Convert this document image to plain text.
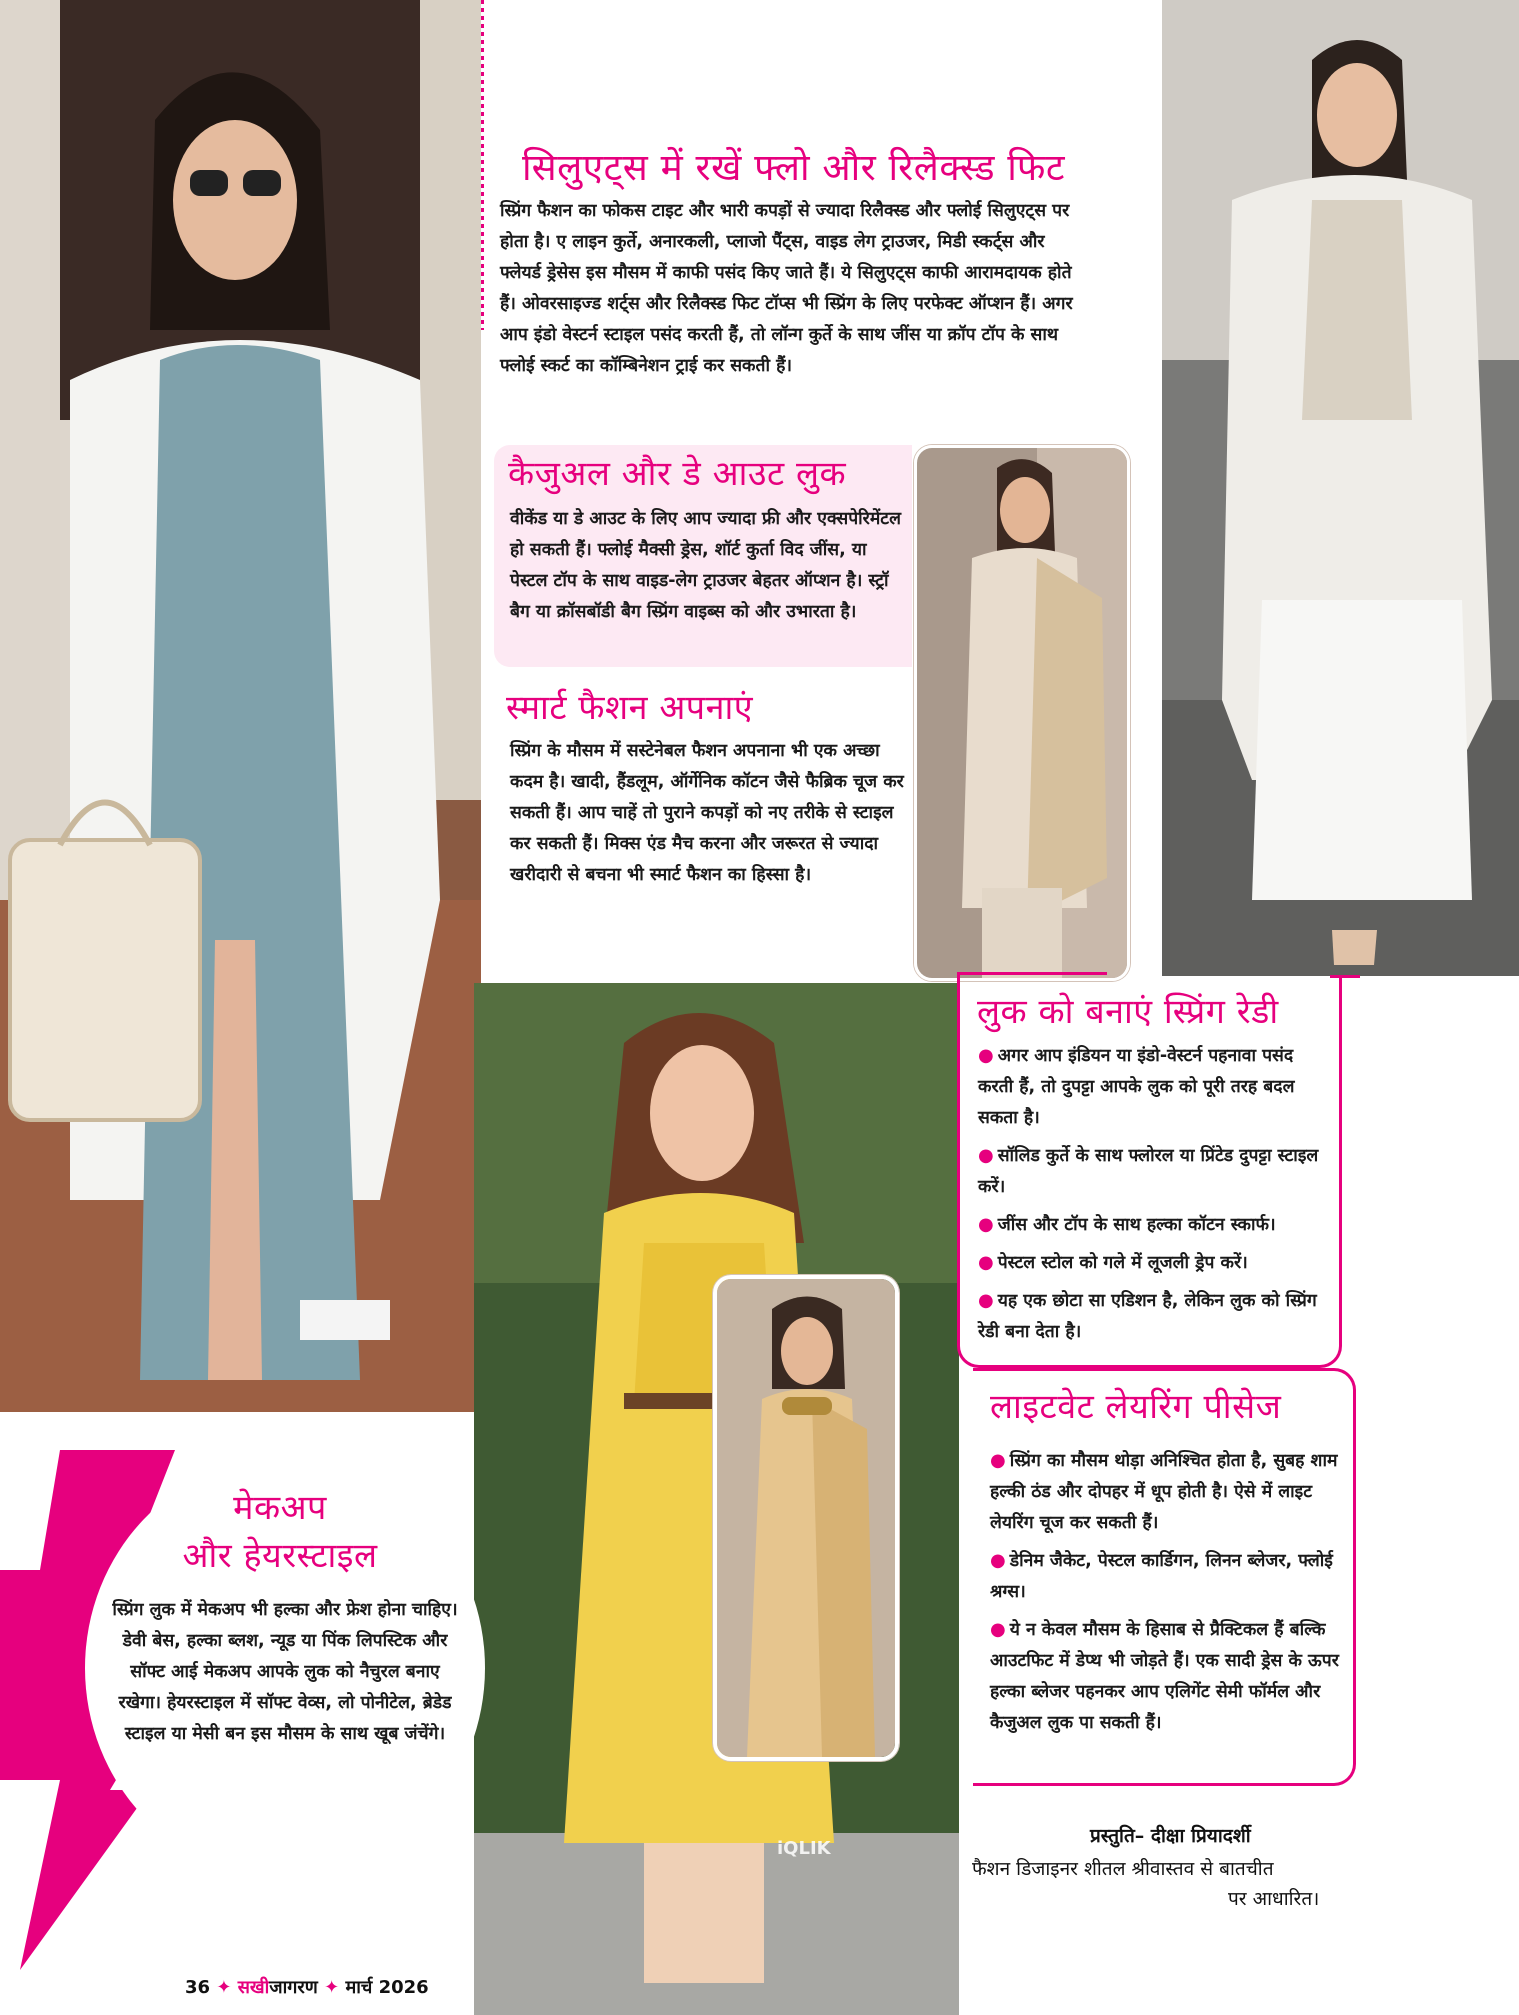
सिलुएट्स में रखें फ्लो और रिलैक्स्ड फिट

स्प्रिंग फैशन का फोकस टाइट और भारी कपड़ों से ज्यादा रिलैक्स्ड और फ्लोई सिलुएट्स पर होता है। ए लाइन कुर्ते, अनारकली, प्लाजो पैंट्स, वाइड लेग ट्राउजर, मिडी स्कर्ट्स और फ्लेयर्ड ड्रेसेस इस मौसम में काफी पसंद किए जाते हैं। ये सिलुएट्स काफी आरामदायक होते हैं। ओवरसाइज्ड शर्ट्स और रिलैक्स्ड फिट टॉप्स भी स्प्रिंग के लिए परफेक्ट ऑप्शन हैं। अगर आप इंडो वेस्टर्न स्टाइल पसंद करती हैं, तो लॉन्ग कुर्ते के साथ जींस या क्रॉप टॉप के साथ फ्लोई स्कर्ट का कॉम्बिनेशन ट्राई कर सकती हैं।

कैजुअल और डे आउट लुक

वीकेंड या डे आउट के लिए आप ज्यादा फ्री और एक्सपेरिमेंटल हो सकती हैं। फ्लोई मैक्सी ड्रेस, शॉर्ट कुर्ता विद जींस, या पेस्टल टॉप के साथ वाइड-लेग ट्राउजर बेहतर ऑप्शन है। स्ट्रॉ बैग या क्रॉसबॉडी बैग स्प्रिंग वाइब्स को और उभारता है।

स्मार्ट फैशन अपनाएं

स्प्रिंग के मौसम में सस्टेनेबल फैशन अपनाना भी एक अच्छा कदम है। खादी, हैंडलूम, ऑर्गेनिक कॉटन जैसे फैब्रिक चूज कर सकती हैं। आप चाहें तो पुराने कपड़ों को नए तरीके से स्टाइल कर सकती हैं। मिक्स एंड मैच करना और जरूरत से ज्यादा खरीदारी से बचना भी स्मार्ट फैशन का हिस्सा है।

लुक को बनाएं स्प्रिंग रेडी
● अगर आप इंडियन या इंडो-वेस्टर्न पहनावा पसंद करती हैं, तो दुपट्टा आपके लुक को पूरी तरह बदल सकता है।
● सॉलिड कुर्ते के साथ फ्लोरल या प्रिंटेड दुपट्टा स्टाइल करें।
● जींस और टॉप के साथ हल्का कॉटन स्कार्फ।
● पेस्टल स्टोल को गले में लूजली ड्रेप करें।
● यह एक छोटा सा एडिशन है, लेकिन लुक को स्प्रिंग रेडी बना देता है।
लाइटवेट लेयरिंग पीसेज
● स्प्रिंग का मौसम थोड़ा अनिश्चित होता है, सुबह शाम हल्की ठंड और दोपहर में धूप होती है। ऐसे में लाइट लेयरिंग चूज कर सकती हैं।
● डेनिम जैकेट, पेस्टल कार्डिगन, लिनन ब्लेजर, फ्लोई श्रग्स।
● ये न केवल मौसम के हिसाब से प्रैक्टिकल हैं बल्कि आउटफिट में डेप्थ भी जोड़ते हैं। एक सादी ड्रेस के ऊपर हल्का ब्लेजर पहनकर आप एलिगेंट सेमी फॉर्मल और कैजुअल लुक पा सकती हैं।
मेकअप
और हेयरस्टाइल

स्प्रिंग लुक में मेकअप भी हल्का और फ्रेश होना चाहिए। डेवी बेस, हल्का ब्लश, न्यूड या पिंक लिपस्टिक और सॉफ्ट आई मेकअप आपके लुक को नैचुरल बनाए रखेगा। हेयरस्टाइल में सॉफ्ट वेव्स, लो पोनीटेल, ब्रेडेड स्टाइल या मेसी बन इस मौसम के साथ खूब जंचेंगे।

प्रस्तुति– दीक्षा प्रियादर्शी
फैशन डिजाइनर शीतल श्रीवास्तव से बातचीत
पर आधारित।
iQLIK
36 ✦ सखीजागरण ✦ मार्च 2026
